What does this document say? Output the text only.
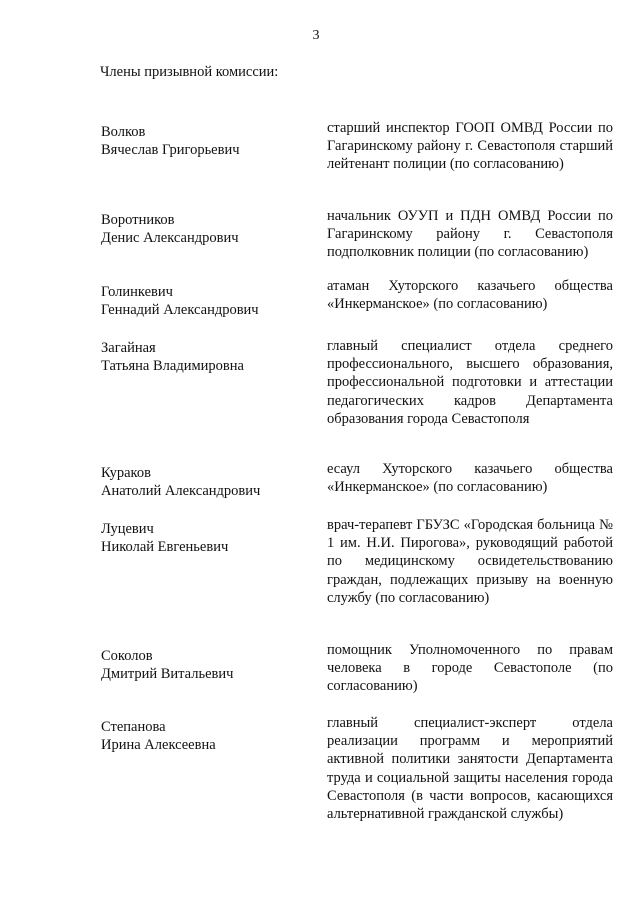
3
Члены призывной комиссии:
Волков
Вячеслав Григорьевич
старший инспектор ГООП ОМВД России по Гагаринскому району г. Севастополя старший лейтенант полиции (по согласованию)
Воротников
Денис Александрович
начальник ОУУП и ПДН ОМВД России по Гагаринскому району г. Севастополя подполковник полиции (по согласованию)
Голинкевич
Геннадий Александрович
атаман Хуторского казачьего общества «Инкерманское» (по согласованию)
Загайная
Татьяна Владимировна
главный специалист отдела среднего профессионального, высшего образования, профессиональной подготовки и аттестации педагогических кадров Департамента образования города Севастополя
Кураков
Анатолий Александрович
есаул Хуторского казачьего общества «Инкерманское» (по согласованию)
Луцевич
Николай Евгеньевич
врач-терапевт ГБУЗС «Городская больница № 1 им. Н.И. Пирогова», руководящий работой по медицинскому освидетельствованию граждан, подлежащих призыву на военную службу (по согласованию)
Соколов
Дмитрий Витальевич
помощник Уполномоченного по правам человека в городе Севастополе (по согласованию)
Степанова
Ирина Алексеевна
главный специалист-эксперт отдела реализации программ и мероприятий активной политики занятости Департамента труда и социальной защиты населения города Севастополя (в части вопросов, касающихся альтернативной гражданской службы)
